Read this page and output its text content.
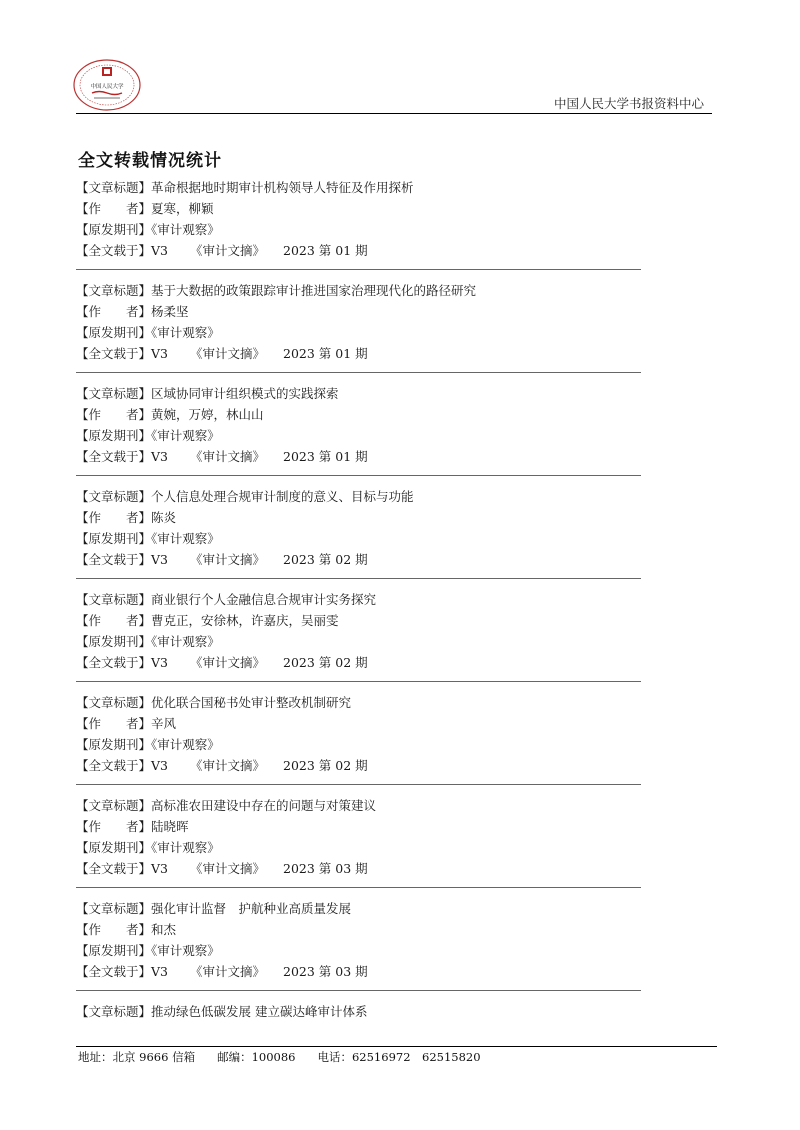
中国人民大学
中国人民大学书报资料中心
全文转载情况统计
【文章标题】革命根据地时期审计机构领导人特征及作用探析
【作　　者】夏寒，柳颖
【原发期刊】《审计观察》
【全文载于】V3 《审计文摘》 2023 第 01 期
【文章标题】基于大数据的政策跟踪审计推进国家治理现代化的路径研究
【作　　者】杨柔坚
【原发期刊】《审计观察》
【全文载于】V3 《审计文摘》 2023 第 01 期
【文章标题】区域协同审计组织模式的实践探索
【作　　者】黄婉，万婷，林山山
【原发期刊】《审计观察》
【全文载于】V3 《审计文摘》 2023 第 01 期
【文章标题】个人信息处理合规审计制度的意义、目标与功能
【作　　者】陈炎
【原发期刊】《审计观察》
【全文载于】V3 《审计文摘》 2023 第 02 期
【文章标题】商业银行个人金融信息合规审计实务探究
【作　　者】曹克正，安徐林，许嘉庆，吴丽雯
【原发期刊】《审计观察》
【全文载于】V3 《审计文摘》 2023 第 02 期
【文章标题】优化联合国秘书处审计整改机制研究
【作　　者】辛风
【原发期刊】《审计观察》
【全文载于】V3 《审计文摘》 2023 第 02 期
【文章标题】高标准农田建设中存在的问题与对策建议
【作　　者】陆晓晖
【原发期刊】《审计观察》
【全文载于】V3 《审计文摘》 2023 第 03 期
【文章标题】强化审计监督　护航种业高质量发展
【作　　者】和杰
【原发期刊】《审计观察》
【全文载于】V3 《审计文摘》 2023 第 03 期
【文章标题】推动绿色低碳发展 建立碳达峰审计体系
地址：北京 9666 信箱 邮编：100086 电话：62516972　62515820
